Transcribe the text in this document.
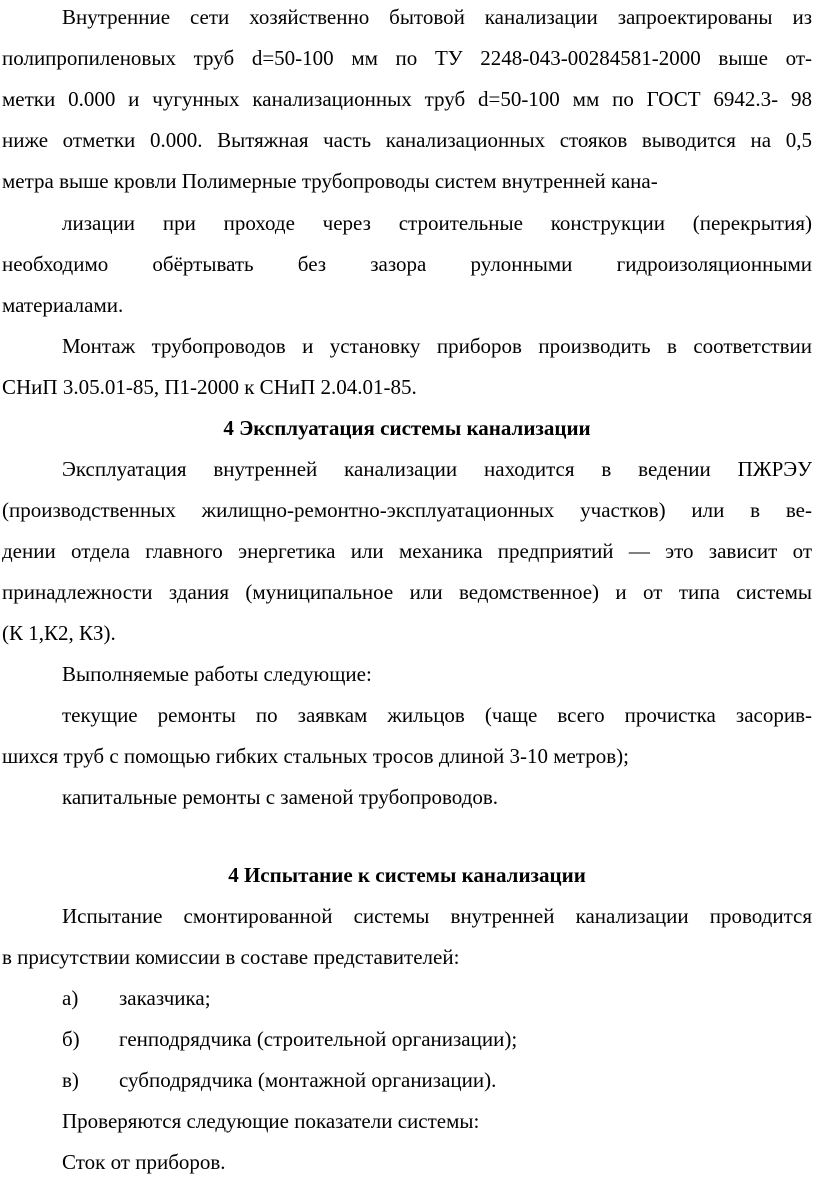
Внутренние сети хозяйственно бытовой канализации запроектированы из
полипропиленовых труб d=50-100 мм по ТУ 2248-043-00284581-2000 выше от-
метки 0.000 и чугунных канализационных труб d=50-100 мм по ГОСТ 6942.3- 98
ниже отметки 0.000. Вытяжная часть канализационных стояков выводится на 0,5
метра выше кровли Полимерные трубопроводы систем внутренней кана-
лизации при проходе через строительные конструкции (перекрытия)
необходимо обёртывать без зазора рулонными гидроизоляционными
материалами.
Монтаж трубопроводов и установку приборов производить в соответствии
СНиП 3.05.01-85, П1-2000 к СНиП 2.04.01-85.
4 Эксплуатация системы канализации
Эксплуатация внутренней канализации находится в ведении ПЖРЭУ
(производственных жилищно-ремонтно-эксплуатационных участков) или в ве-
дении отдела главного энергетика или механика предприятий — это зависит от
принадлежности здания (муниципальное или ведомственное) и от типа системы
(К 1,К2, КЗ).
Выполняемые работы следующие:
текущие ремонты по заявкам жильцов (чаще всего прочистка засорив-
шихся труб с помощью гибких стальных тросов длиной 3-10 метров);
капитальные ремонты с заменой трубопроводов.
4 Испытание к системы канализации
Испытание смонтированной системы внутренней канализации проводится
в присутствии комиссии в составе представителей:
а)	заказчика;
б)	генподрядчика (строительной организации);
в)	субподрядчика (монтажной организации).
Проверяются следующие показатели системы:
Сток от приборов.
